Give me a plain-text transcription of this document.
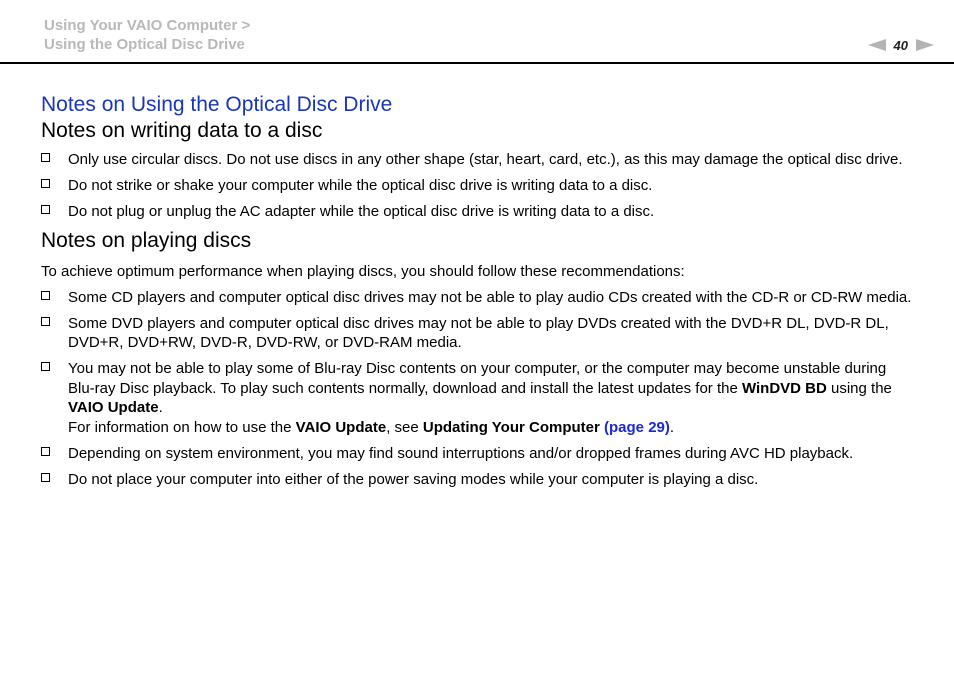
Using Your VAIO Computer >
Using the Optical Disc Drive	40
Notes on Using the Optical Disc Drive
Notes on writing data to a disc
Only use circular discs. Do not use discs in any other shape (star, heart, card, etc.), as this may damage the optical disc drive.
Do not strike or shake your computer while the optical disc drive is writing data to a disc.
Do not plug or unplug the AC adapter while the optical disc drive is writing data to a disc.
Notes on playing discs

To achieve optimum performance when playing discs, you should follow these recommendations:

Some CD players and computer optical disc drives may not be able to play audio CDs created with the CD-R or CD-RW media.
Some DVD players and computer optical disc drives may not be able to play DVDs created with the DVD+R DL, DVD-R DL, DVD+R, DVD+RW, DVD-R, DVD-RW, or DVD-RAM media.
You may not be able to play some of Blu-ray Disc contents on your computer, or the computer may become unstable during Blu-ray Disc playback. To play such contents normally, download and install the latest updates for the WinDVD BD using the VAIO Update.
For information on how to use the VAIO Update, see Updating Your Computer (page 29).
Depending on system environment, you may find sound interruptions and/or dropped frames during AVC HD playback.
Do not place your computer into either of the power saving modes while your computer is playing a disc.
